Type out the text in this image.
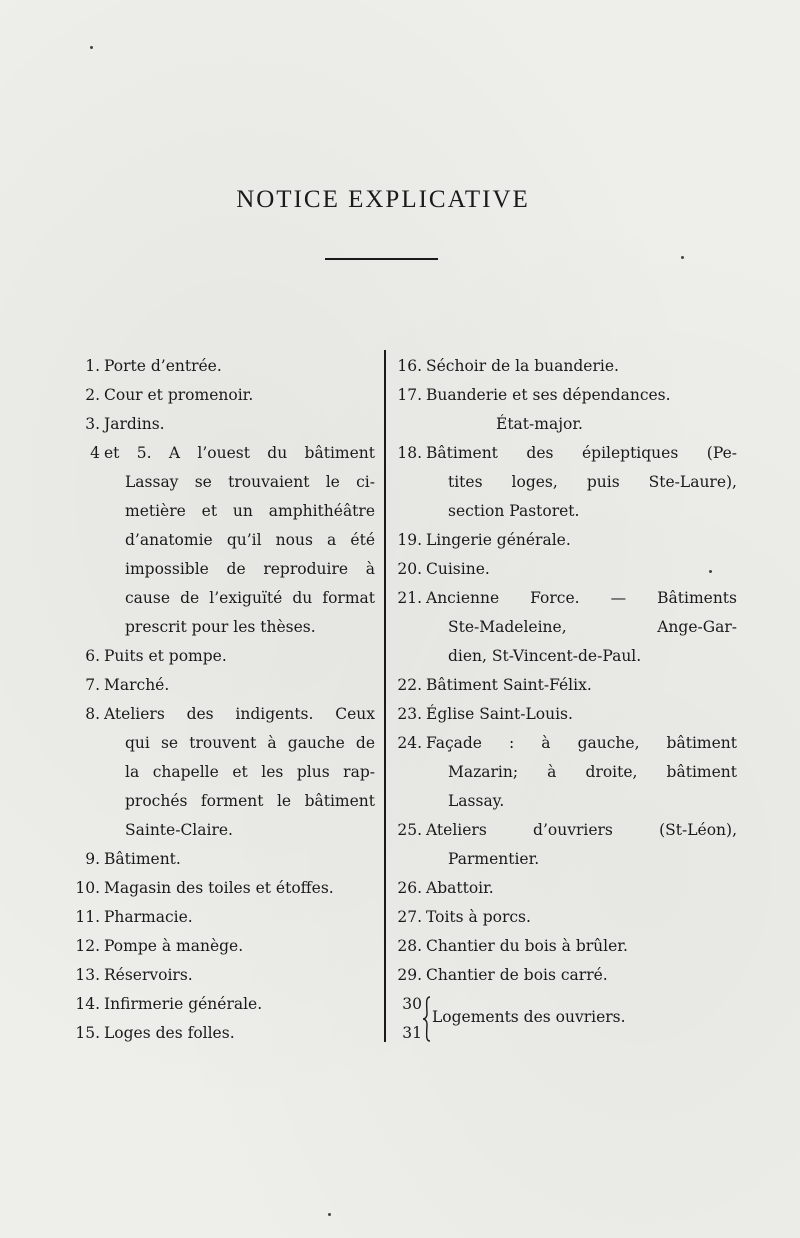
NOTICE EXPLICATIVE
1. Porte d’entrée.
2. Cour et promenoir.
3. Jardins.
4 et 5. A l’ouest du bâtiment
Lassay se trouvaient le ci-
metière et un amphithéâtre
d’anatomie qu’il nous a été
impossible de reproduire à
cause de l’exiguïté du format
prescrit pour les thèses.
6. Puits et pompe.
7. Marché.
8. Ateliers des indigents. Ceux
qui se trouvent à gauche de
la chapelle et les plus rap-
prochés forment le bâtiment
Sainte-Claire.
9. Bâtiment.
10. Magasin des toiles et étoffes.
11. Pharmacie.
12. Pompe à manège.
13. Réservoirs.
14. Infirmerie générale.
15. Loges des folles.
16. Séchoir de la buanderie.
17. Buanderie et ses dépendances.
État-major.
18. Bâtiment des épileptiques (Pe-
tites loges, puis Ste-Laure),
section Pastoret.
19. Lingerie générale.
20. Cuisine.
21. Ancienne Force. — Bâtiments
Ste-Madeleine, Ange-Gar-
dien, St-Vincent-de-Paul.
22. Bâtiment Saint-Félix.
23. Église Saint-Louis.
24. Façade : à gauche, bâtiment
Mazarin; à droite, bâtiment
Lassay.
25. Ateliers d’ouvriers (St-Léon),
Parmentier.
26. Abattoir.
27. Toits à porcs.
28. Chantier du bois à brûler.
29. Chantier de bois carré.
30
31
Logements des ouvriers.
